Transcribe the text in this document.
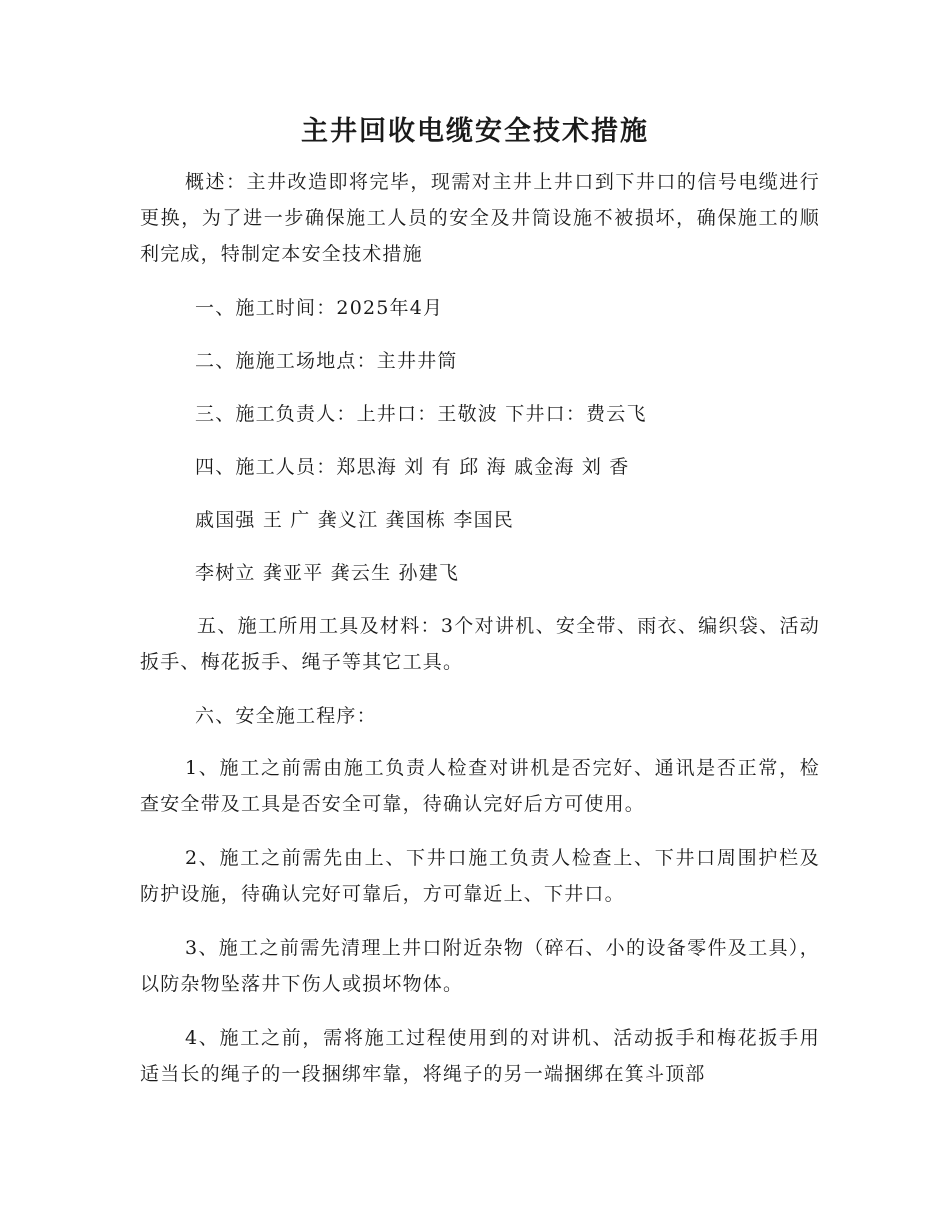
主井回收电缆安全技术措施

概述：主井改造即将完毕，现需对主井上井口到下井口的信号电缆进行更换，为了进一步确保施工人员的安全及井筒设施不被损坏，确保施工的顺利完成，特制定本安全技术措施

一、施工时间：2025年4月

二、施施工场地点：主井井筒

三、施工负责人：上井口：王敬波 下井口：费云飞

四、施工人员：郑思海 刘 有 邱 海 戚金海 刘 香

戚国强 王 广 龚义江 龚国栋 李国民

李树立 龚亚平 龚云生 孙建飞

五、施工所用工具及材料：3个对讲机、安全带、雨衣、编织袋、活动扳手、梅花扳手、绳子等其它工具。

六、安全施工程序：

1、施工之前需由施工负责人检查对讲机是否完好、通讯是否正常，检查安全带及工具是否安全可靠，待确认完好后方可使用。

2、施工之前需先由上、下井口施工负责人检查上、下井口周围护栏及防护设施，待确认完好可靠后，方可靠近上、下井口。

3、施工之前需先清理上井口附近杂物（碎石、小的设备零件及工具），以防杂物坠落井下伤人或损坏物体。

4、施工之前，需将施工过程使用到的对讲机、活动扳手和梅花扳手用适当长的绳子的一段捆绑牢靠，将绳子的另一端捆绑在箕斗顶部
